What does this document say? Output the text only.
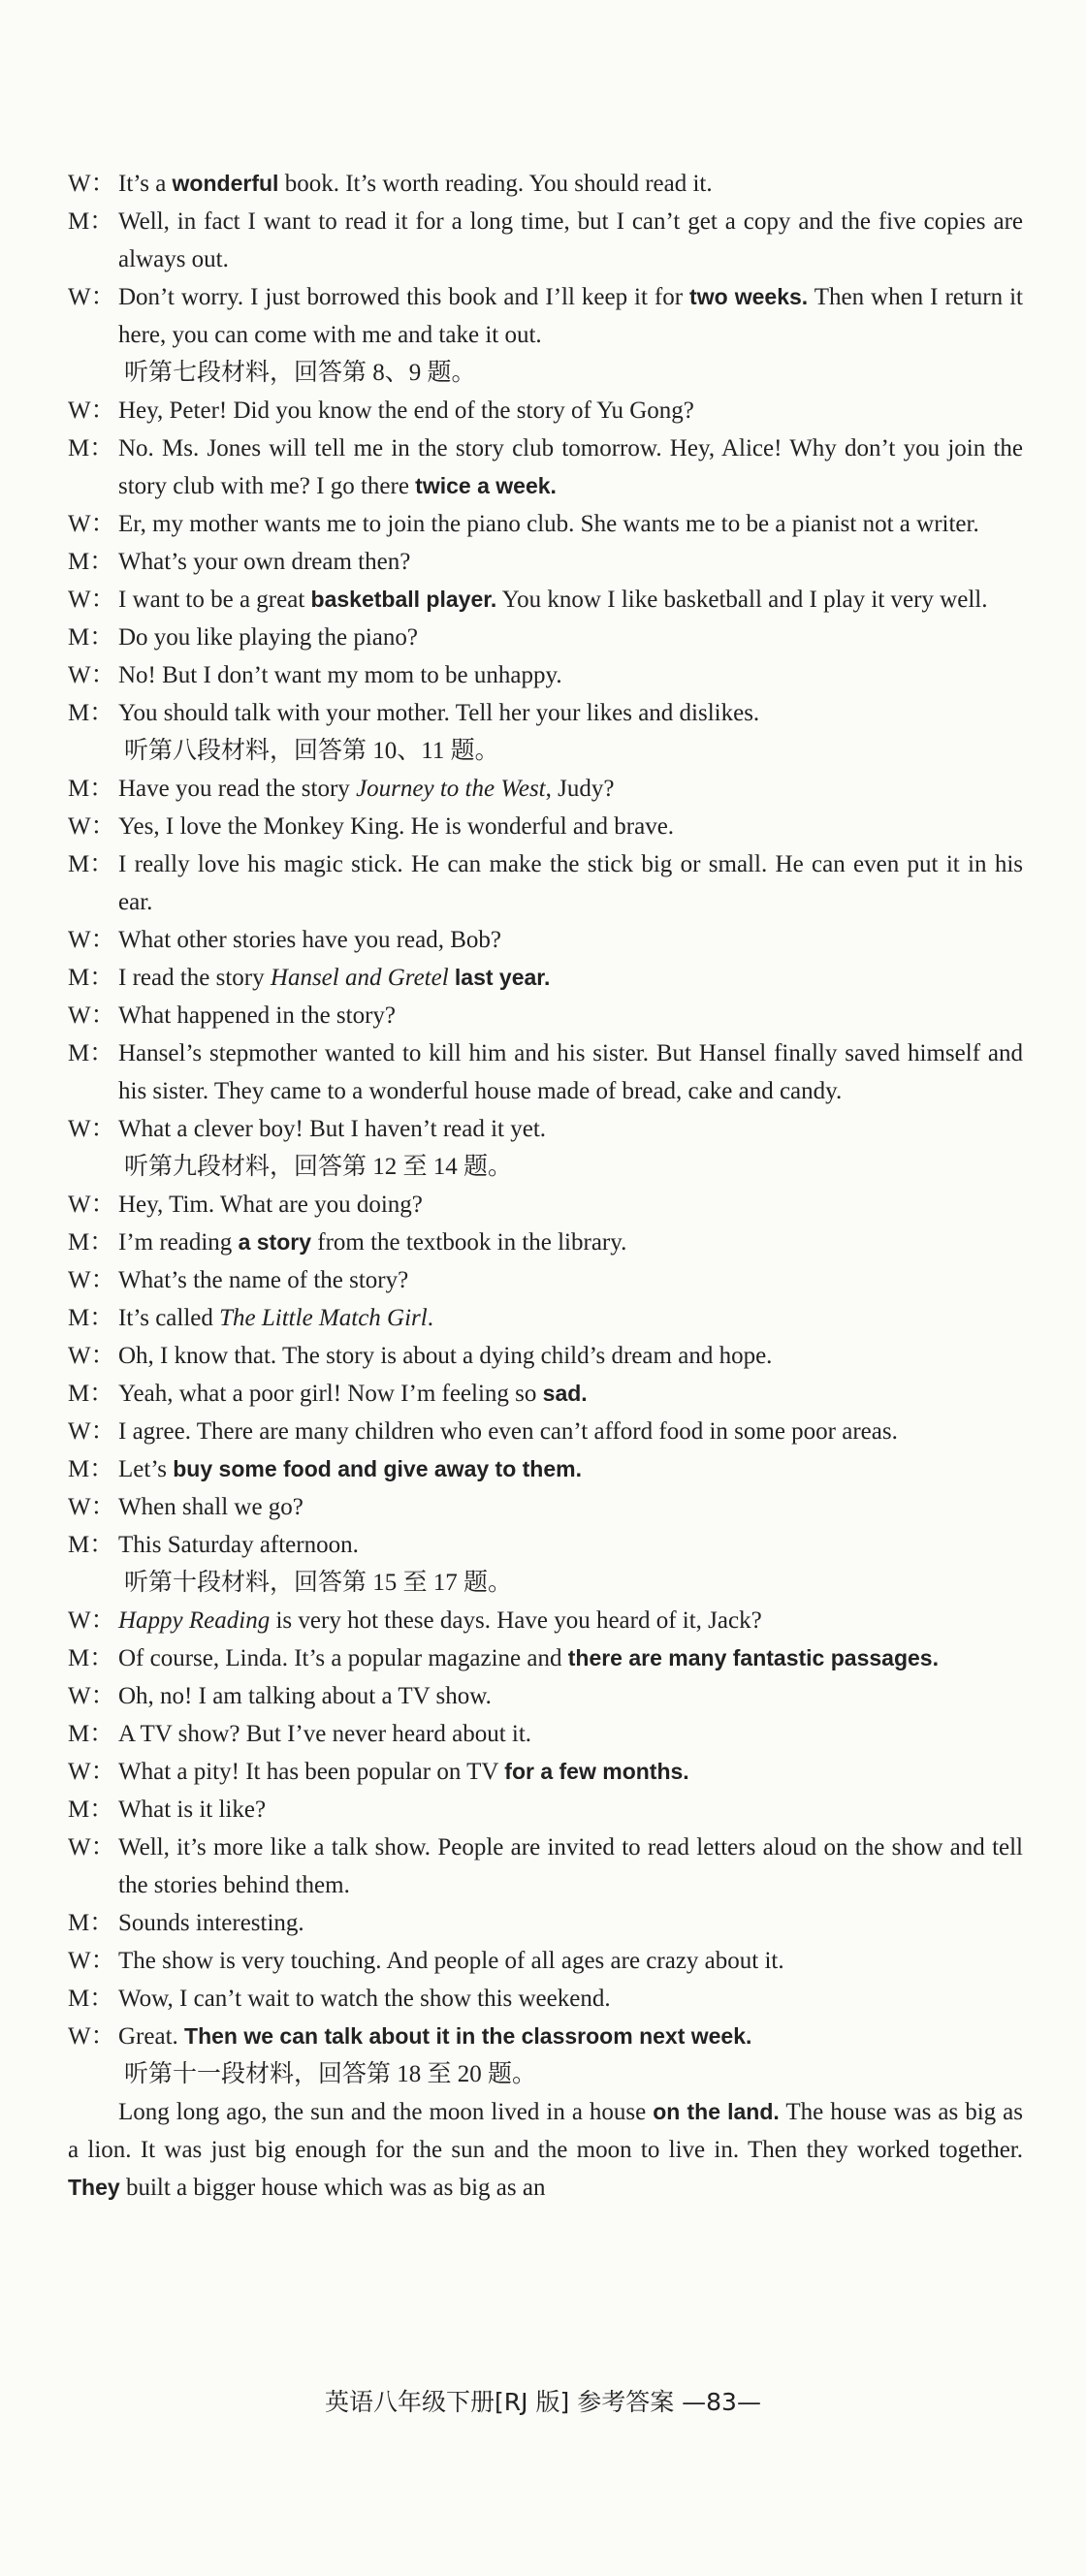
W： It’s a wonderful book. It’s worth reading. You should read it.
M： Well, in fact I want to read it for a long time, but I can’t get a copy and the five copies are always out.
W： Don’t worry. I just borrowed this book and I’ll keep it for two weeks. Then when I return it here, you can come with me and take it out.
听第七段材料，回答第 8、9 题。
W： Hey, Peter! Did you know the end of the story of Yu Gong?
M： No. Ms. Jones will tell me in the story club tomorrow. Hey, Alice! Why don’t you join the story club with me? I go there twice a week.
W： Er, my mother wants me to join the piano club. She wants me to be a pianist not a writer.
M： What’s your own dream then?
W： I want to be a great basketball player. You know I like basketball and I play it very well.
M： Do you like playing the piano?
W： No! But I don’t want my mom to be unhappy.
M： You should talk with your mother. Tell her your likes and dislikes.
听第八段材料，回答第 10、11 题。
M： Have you read the story Journey to the West, Judy?
W： Yes, I love the Monkey King. He is wonderful and brave.
M： I really love his magic stick. He can make the stick big or small. He can even put it in his ear.
W： What other stories have you read, Bob?
M： I read the story Hansel and Gretel last year.
W： What happened in the story?
M： Hansel’s stepmother wanted to kill him and his sister. But Hansel finally saved himself and his sister. They came to a wonderful house made of bread, cake and candy.
W： What a clever boy! But I haven’t read it yet.
听第九段材料，回答第 12 至 14 题。
W： Hey, Tim. What are you doing?
M： I’m reading a story from the textbook in the library.
W： What’s the name of the story?
M： It’s called The Little Match Girl.
W： Oh, I know that. The story is about a dying child’s dream and hope.
M： Yeah, what a poor girl! Now I’m feeling so sad.
W： I agree. There are many children who even can’t afford food in some poor areas.
M： Let’s buy some food and give away to them.
W： When shall we go?
M： This Saturday afternoon.
听第十段材料，回答第 15 至 17 题。
W： Happy Reading is very hot these days. Have you heard of it, Jack?
M： Of course, Linda. It’s a popular magazine and there are many fantastic passages.
W： Oh, no! I am talking about a TV show.
M： A TV show? But I’ve never heard about it.
W： What a pity! It has been popular on TV for a few months.
M： What is it like?
W： Well, it’s more like a talk show. People are invited to read letters aloud on the show and tell the stories behind them.
M： Sounds interesting.
W： The show is very touching. And people of all ages are crazy about it.
M： Wow, I can’t wait to watch the show this weekend.
W： Great. Then we can talk about it in the classroom next week.
听第十一段材料，回答第 18 至 20 题。
Long long ago, the sun and the moon lived in a house on the land. The house was as big as a lion. It was just big enough for the sun and the moon to live in. Then they worked together. They built a bigger house which was as big as an
英语八年级下册[RJ 版] 参考答案 —83—
